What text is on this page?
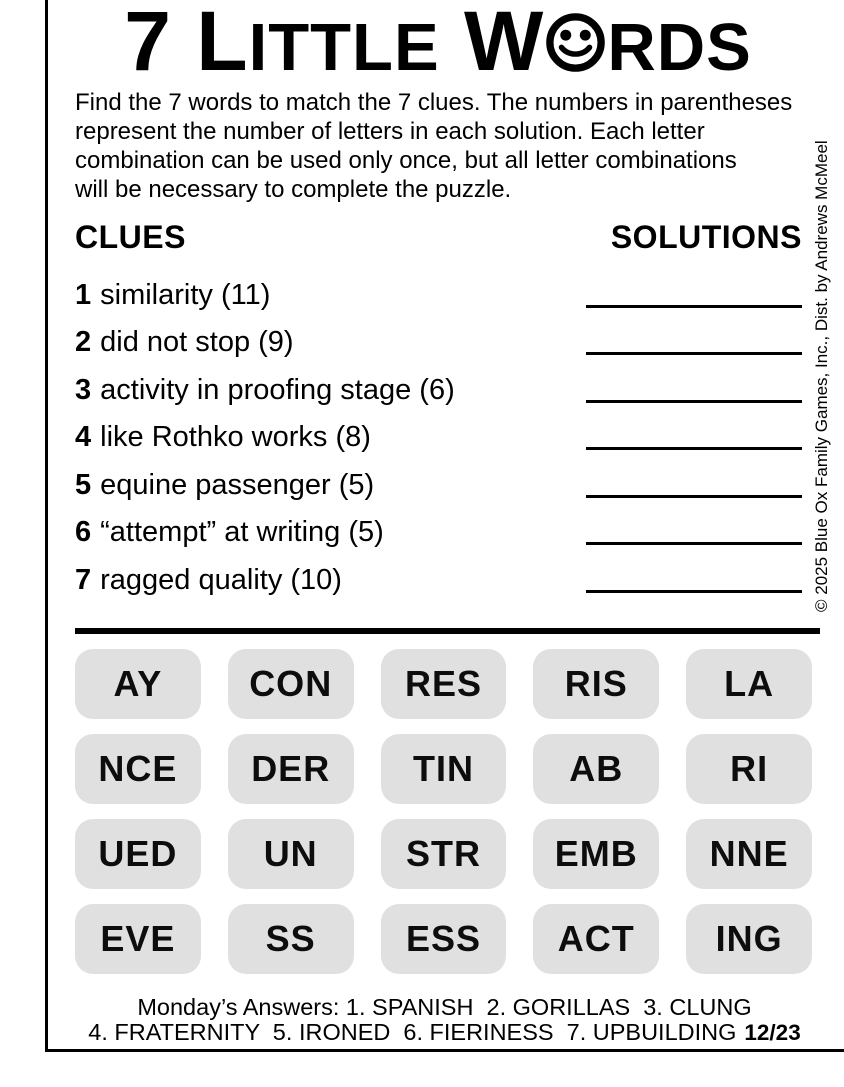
7 LITTLE W RDS
Find the 7 words to match the 7 clues. The numbers in parentheses
represent the number of letters in each solution. Each letter
combination can be used only once, but all letter combinations
will be necessary to complete the puzzle.
CLUES	SOLUTIONS
1 similarity (11)
2 did not stop (9)
3 activity in proofing stage (6)
4 like Rothko works (8)
5 equine passenger (5)
6 “attempt” at writing (5)
7 ragged quality (10)
AY	CON	RES	RIS	LA
NCE	DER	TIN	AB	RI
UED	UN	STR	EMB	NNE
EVE	SS	ESS	ACT	ING
Monday’s Answers: 1. SPANISH  2. GORILLAS  3. CLUNG
4. FRATERNITY  5. IRONED  6. FIERINESS  7. UPBUILDING 12/23
© 2025 Blue Ox Family Games, Inc., Dist. by Andrews McMeel
